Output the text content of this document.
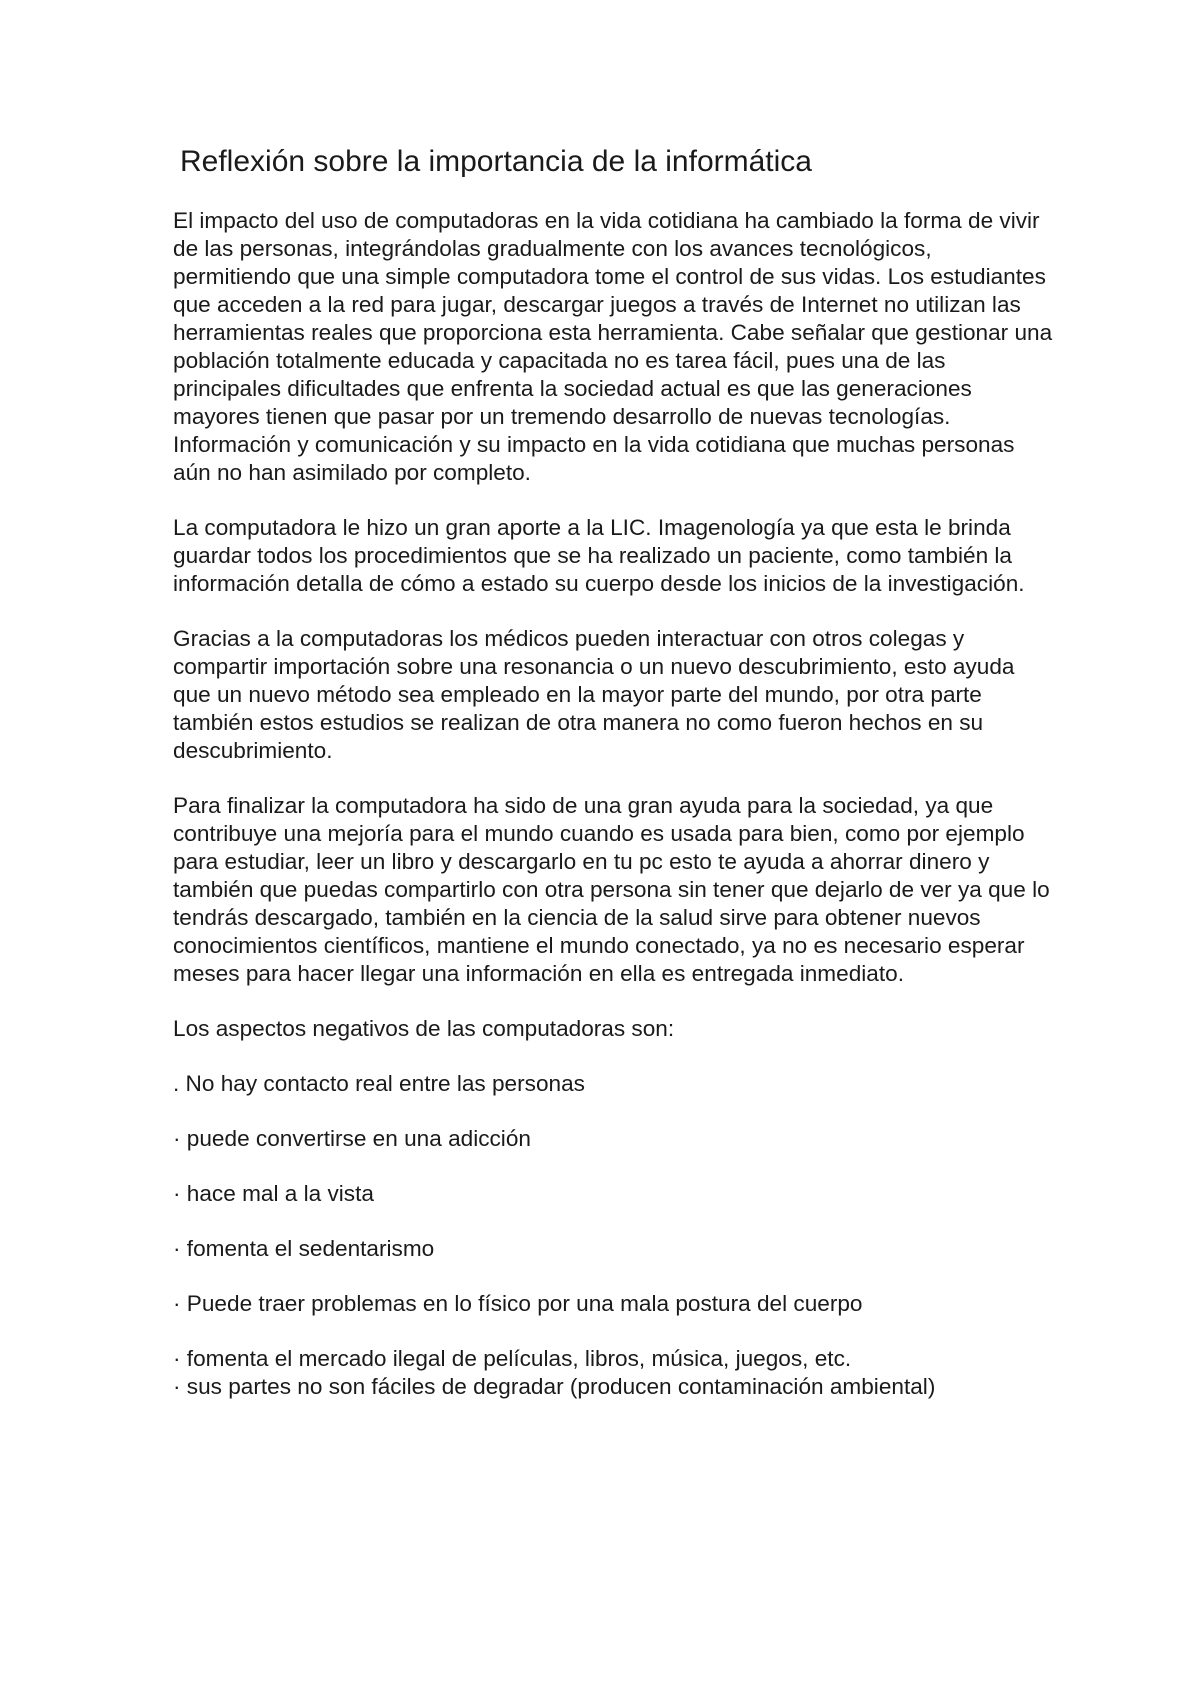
Reflexión sobre la importancia de la informática

El impacto del uso de computadoras en la vida cotidiana ha cambiado la forma de vivir de las personas, integrándolas gradualmente con los avances tecnológicos, permitiendo que una simple computadora tome el control de sus vidas. Los estudiantes que acceden a la red para jugar, descargar juegos a través de Internet no utilizan las herramientas reales que proporciona esta herramienta. Cabe señalar que gestionar una población totalmente educada y capacitada no es tarea fácil, pues una de las principales dificultades que enfrenta la sociedad actual es que las generaciones mayores tienen que pasar por un tremendo desarrollo de nuevas tecnologías. Información y comunicación y su impacto en la vida cotidiana que muchas personas aún no han asimilado por completo.

La computadora le hizo un gran aporte a la LIC. Imagenología ya que esta le brinda guardar todos los procedimientos que se ha realizado un paciente, como también la información detalla de cómo a estado su cuerpo desde los inicios de la investigación.

Gracias a la computadoras los médicos pueden interactuar con otros colegas y compartir importación sobre una resonancia o un nuevo descubrimiento, esto ayuda que un nuevo método sea empleado en la mayor parte del mundo, por otra parte también estos estudios se realizan de otra manera no como fueron hechos en su descubrimiento.

Para finalizar la computadora ha sido de una gran ayuda para la sociedad, ya que contribuye una mejoría para el mundo cuando es usada para bien, como por ejemplo para estudiar, leer un libro y descargarlo en tu pc esto te ayuda a ahorrar dinero y también que puedas compartirlo con otra persona sin tener que dejarlo de ver ya que lo tendrás descargado, también en la ciencia de la salud sirve para obtener nuevos conocimientos científicos, mantiene el mundo conectado, ya no es necesario esperar meses para hacer llegar una información en ella es entregada inmediato.

Los aspectos negativos de las computadoras son:

. No hay contacto real entre las personas

· puede convertirse en una adicción

· hace mal a la vista

· fomenta el sedentarismo

· Puede traer problemas en lo físico por una mala postura del cuerpo

· fomenta el mercado ilegal de películas, libros, música, juegos, etc.

· sus partes no son fáciles de degradar (producen contaminación ambiental)
